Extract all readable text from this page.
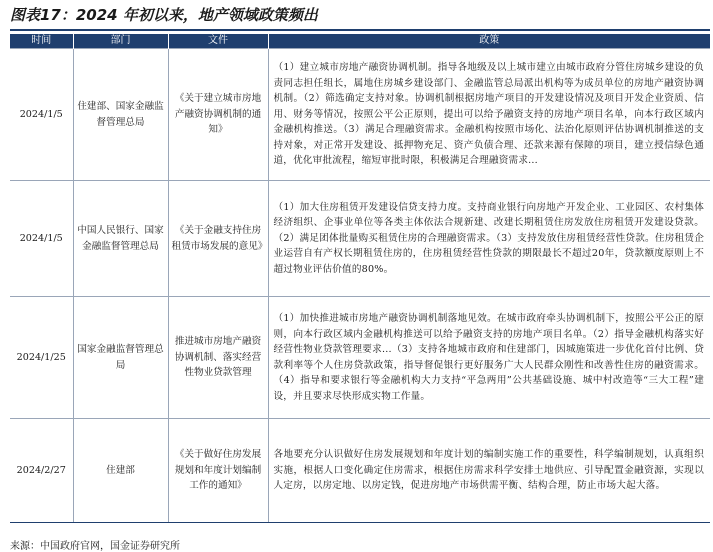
图表17：2024 年初以来，地产领域政策频出
时间	部门	文件	政策
2024/1/5	住建部、国家金融监督管理总局	《关于建立城市房地产融资协调机制的通知》	（1）建立城市房地产融资协调机制。指导各地级及以上城市建立由城市政府分管住房城乡建设的负责同志担任组长，属地住房城乡建设部门、金融监管总局派出机构等为成员单位的房地产融资协调机制。（2）筛选确定支持对象。协调机制根据房地产项目的开发建设情况及项目开发企业资质、信用、财务等情况，按照公平公正原则，提出可以给予融资支持的房地产项目名单，向本行政区域内金融机构推送。（3）满足合理融资需求。金融机构按照市场化、法治化原则评估协调机制推送的支持对象，对正常开发建设、抵押物充足、资产负债合理、还款来源有保障的项目，建立授信绿色通道，优化审批流程，缩短审批时限，积极满足合理融资需求...
2024/1/5	中国人民银行、国家金融监督管理总局	《关于金融支持住房租赁市场发展的意见》	（1）加大住房租赁开发建设信贷支持力度。支持商业银行向房地产开发企业、工业园区、农村集体经济组织、企事业单位等各类主体依法合规新建、改建长期租赁住房发放住房租赁开发建设贷款。（2）满足团体批量购买租赁住房的合理融资需求。（3）支持发放住房租赁经营性贷款。住房租赁企业运营自有产权长期租赁住房的，住房租赁经营性贷款的期限最长不超过20年，贷款额度原则上不超过物业评估价值的80%。
2024/1/25	国家金融监督管理总局	推进城市房地产融资协调机制、落实经营性物业贷款管理	（1）加快推进城市房地产融资协调机制落地见效。在城市政府牵头协调机制下，按照公平公正的原则，向本行政区域内金融机构推送可以给予融资支持的房地产项目名单。（2）指导金融机构落实好经营性物业贷款管理要求...（3）支持各地城市政府和住建部门，因城施策进一步优化首付比例、贷款利率等个人住房贷款政策，指导督促银行更好服务广大人民群众刚性和改善性住房的融资需求。（4）指导和要求银行等金融机构大力支持“平急两用”公共基础设施、城中村改造等“三大工程”建设，并且要求尽快形成实物工作量。
2024/2/27	住建部	《关于做好住房发展规划和年度计划编制工作的通知》	各地要充分认识做好住房发展规划和年度计划的编制实施工作的重要性，科学编制规划，认真组织实施，根据人口变化确定住房需求，根据住房需求科学安排土地供应、引导配置金融资源，实现以人定房，以房定地、以房定钱，促进房地产市场供需平衡、结构合理，防止市场大起大落。
来源：中国政府官网，国金证券研究所
